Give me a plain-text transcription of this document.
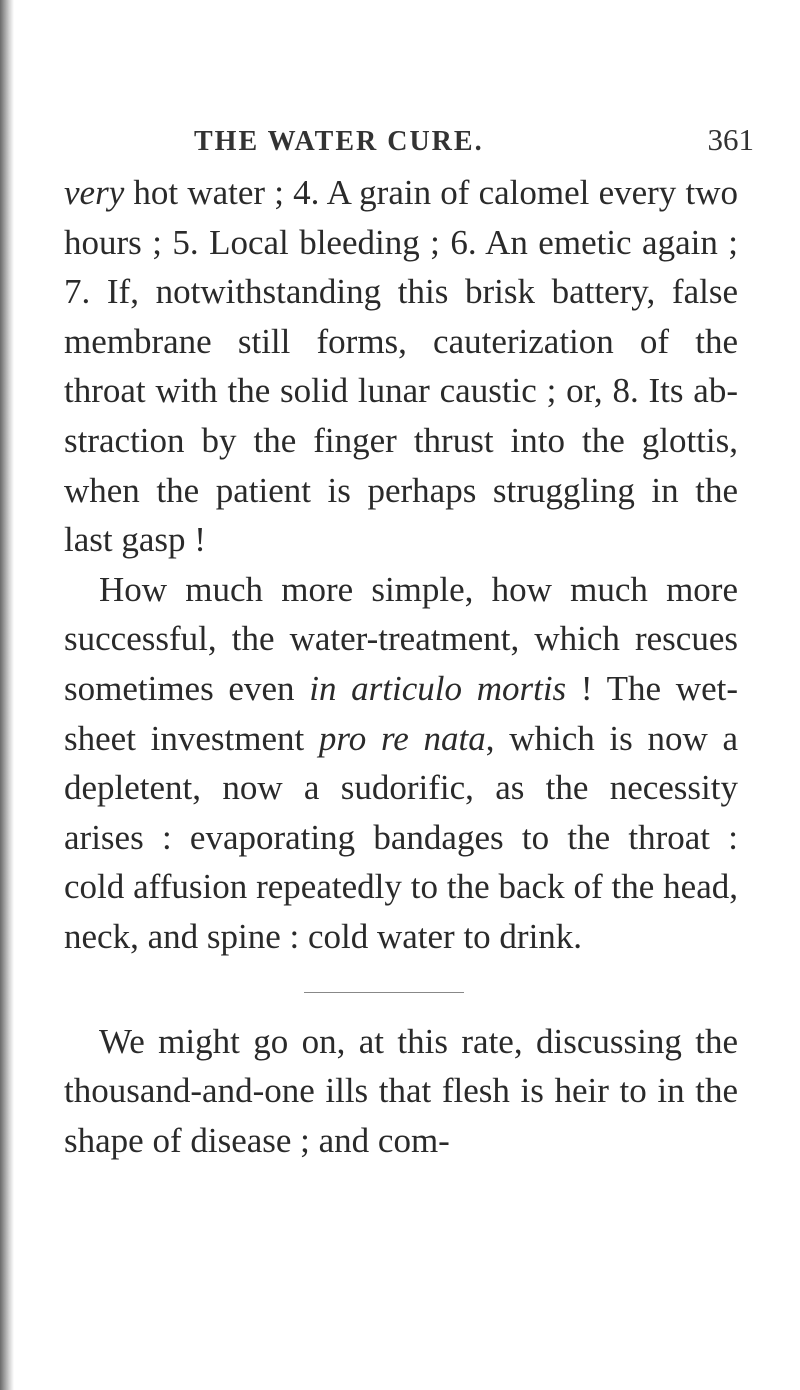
THE WATER CURE.	361

very hot water ; 4. A grain of calomel every two hours ; 5. Local bleeding ; 6. An emetic again ; 7. If, notwithstanding this brisk battery, false membrane still forms, cauterization of the throat with the solid lunar caustic ; or, 8. Its abstraction by the finger thrust into the glottis, when the patient is perhaps struggling in the last gasp !

How much more simple, how much more successful, the water-treatment, which rescues sometimes even in articulo mortis ! The wet-sheet investment pro re nata, which is now a depletent, now a sudorific, as the necessity arises : evaporating bandages to the throat : cold affusion repeatedly to the back of the head, neck, and spine : cold water to drink.

We might go on, at this rate, discussing the thousand-and-one ills that flesh is heir to in the shape of disease ; and com-
